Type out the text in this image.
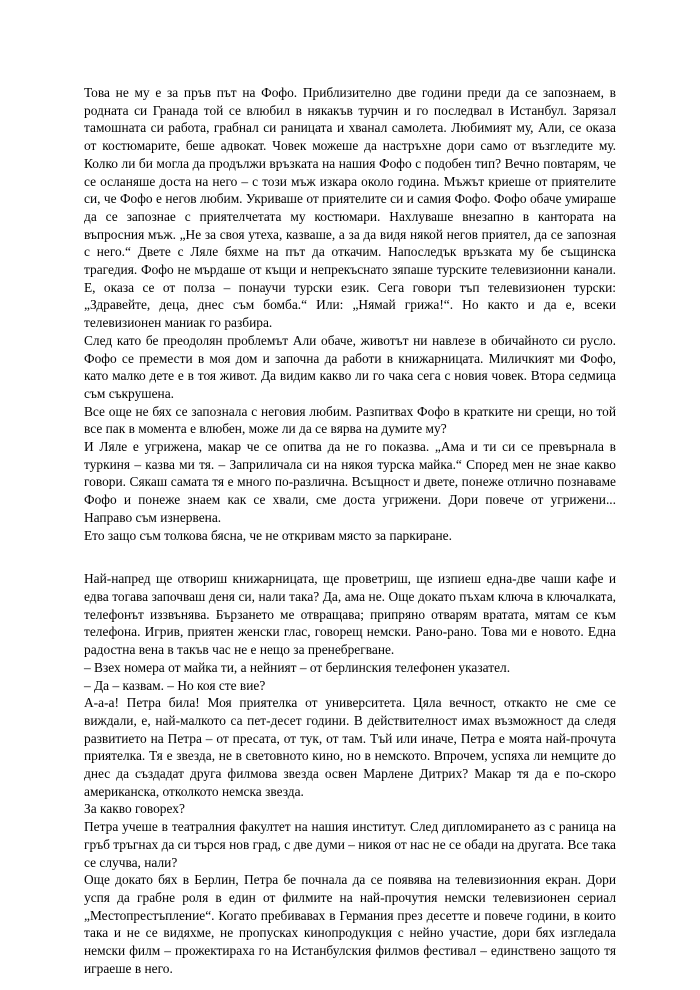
Това не му е за пръв път на Фофо. Приблизително две години преди да се запознаем, в родната си Гранада той се влюбил в някакъв турчин и го последвал в Истанбул. Зарязал тамошната си работа, грабнал си раницата и хванал самолета. Любимият му, Али, се оказа от костюмарите, беше адвокат. Човек можеше да настръхне дори само от възгледите му. Колко ли би могла да продължи връзката на нашия Фофо с подобен тип? Вечно повтарям, че се осланяше доста на него – с този мъж изкара около година. Мъжът криеше от приятелите си, че Фофо е негов любим. Укриваше от приятелите си и самия Фофо. Фофо обаче умираше да се запознае с приятелчетата му костюмари. Нахлуваше внезапно в кантората на въпросния мъж. „Не за своя утеха, казваше, а за да видя някой негов приятел, да се запозная с него.“ Двете с Ляле бяхме на път да откачим. Напоследък връзката му бе същинска трагедия. Фофо не мърдаше от къщи и непрекъснато зяпаше турските телевизионни канали. Е, оказа се от полза – понаучи турски език. Сега говори тъп телевизионен турски: „Здравейте, деца, днес съм бомба.“ Или: „Нямай грижа!“. Но както и да е, всеки телевизионен маниак го разбира.

След като бе преодолян проблемът Али обаче, животът ни навлезе в обичайното си русло. Фофо се премести в моя дом и започна да работи в книжарницата. Миличкият ми Фофо, като малко дете е в тоя живот. Да видим какво ли го чака сега с новия човек. Втора седмица съм съкрушена.

Все още не бях се запознала с неговия любим. Разпитвах Фофо в кратките ни срещи, но той все пак в момента е влюбен, може ли да се вярва на думите му?

И Ляле е угрижена, макар че се опитва да не го показва. „Ама и ти си се превърнала в туркиня – казва ми тя. – Заприличала си на някоя турска майка.“ Според мен не знае какво говори. Сякаш самата тя е много по-различна. Всъщност и двете, понеже отлично познаваме Фофо и понеже знаем как се хвали, сме доста угрижени. Дори повече от угрижени... Направо съм изнервена.

Ето защо съм толкова бясна, че не откривам място за паркиране.

Най-напред ще отвориш книжарницата, ще проветриш, ще изпиеш една-две чаши кафе и едва тогава започваш деня си, нали така? Да, ама не. Още докато пъхам ключа в ключалката, телефонът иззвънява. Бързането ме отвращава; припряно отварям вратата, мятам се към телефона. Игрив, приятен женски глас, говорещ немски. Рано-рано. Това ми е новото. Една радостна вена в такъв час не е нещо за пренебрегване.

– Взех номера от майка ти, а нейният – от берлинския телефонен указател.

– Да – казвам. – Но коя сте вие?

А-а-а! Петра била! Моя приятелка от университета. Цяла вечност, откакто не сме се виждали, е, най-малкото са пет-десет години. В действителност имах възможност да следя развитието на Петра – от пресата, от тук, от там. Тъй или иначе, Петра е моята най-прочута приятелка. Тя е звезда, не в световното кино, но в немското. Впрочем, успяха ли немците до днес да създадат друга филмова звезда освен Марлене Дитрих? Макар тя да е по-скоро американска, отколкото немска звезда.

За какво говорех?

Петра учеше в театралния факултет на нашия институт. След дипломирането аз с раница на гръб тръгнах да си търся нов град, с две думи – никоя от нас не се обади на другата. Все така се случва, нали?

Още докато бях в Берлин, Петра бе почнала да се появява на телевизионния екран. Дори успя да грабне роля в един от филмите на най-прочутия немски телевизионен сериал „Местопрестъпление“. Когато пребивавах в Германия през десетте и повече години, в които така и не се видяхме, не пропусках кинопродукция с нейно участие, дори бях изгледала немски филм – прожектираха го на Истанбулския филмов фестивал – единствено защото тя играеше в него.
